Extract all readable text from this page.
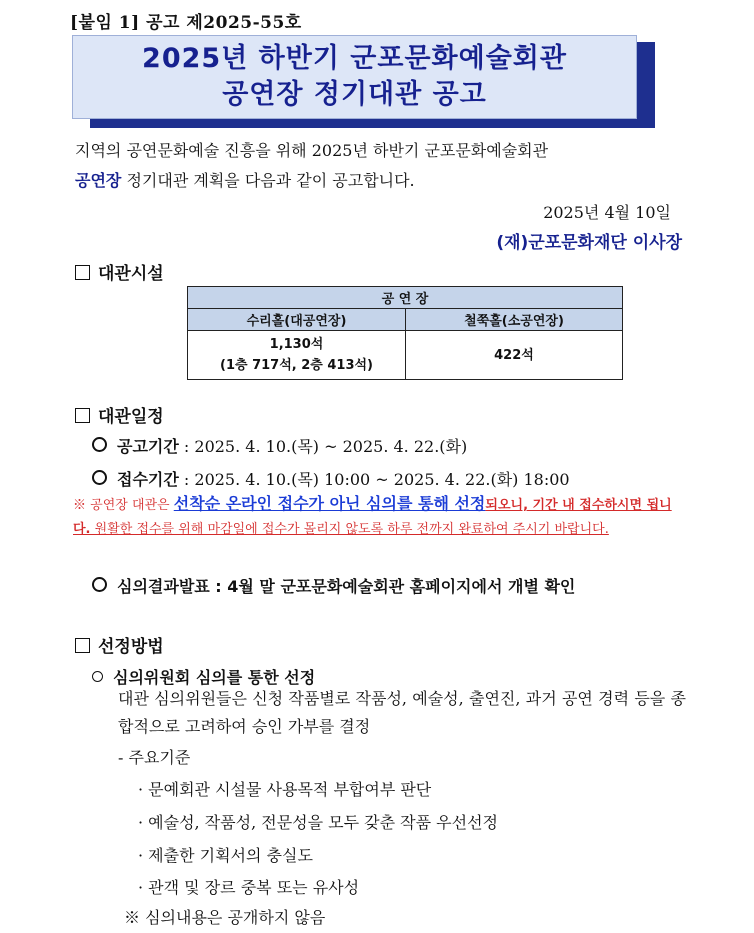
[붙임 1] 공고 제2025-55호
2025년 하반기 군포문화예술회관
공연장 정기대관 공고
지역의 공연문화예술 진흥을 위해 2025년 하반기 군포문화예술회관
공연장 정기대관 계획을 다음과 같이 공고합니다.
2025년 4월 10일
(재)군포문화재단 이사장
대관시설
공 연 장	
수리홀(대공연장)	철쭉홀(소공연장)
1,130석
(1층 717석, 2층 413석)	422석
대관일정
공고기간 : 2025. 4. 10.(목) ~ 2025. 4. 22.(화)
접수기간 : 2025. 4. 10.(목) 10:00 ~ 2025. 4. 22.(화) 18:00
※ 공연장 대관은 선착순 온라인 접수가 아닌 심의를 통해 선정되오니, 기간 내 접수하시면 됩니다. 원활한 접수를 위해 마감일에 접수가 몰리지 않도록 하루 전까지 완료하여 주시기 바랍니다.
심의결과발표 : 4월 말 군포문화예술회관 홈페이지에서 개별 확인
선정방법
심의위원회 심의를 통한 선정
대관 심의위원들은 신청 작품별로 작품성, 예술성, 출연진, 과거 공연 경력 등을 종합적으로 고려하여 승인 가부를 결정
- 주요기준
· 문예회관 시설물 사용목적 부합여부 판단
· 예술성, 작품성, 전문성을 모두 갖춘 작품 우선선정
· 제출한 기획서의 충실도
· 관객 및 장르 중복 또는 유사성
※ 심의내용은 공개하지 않음
